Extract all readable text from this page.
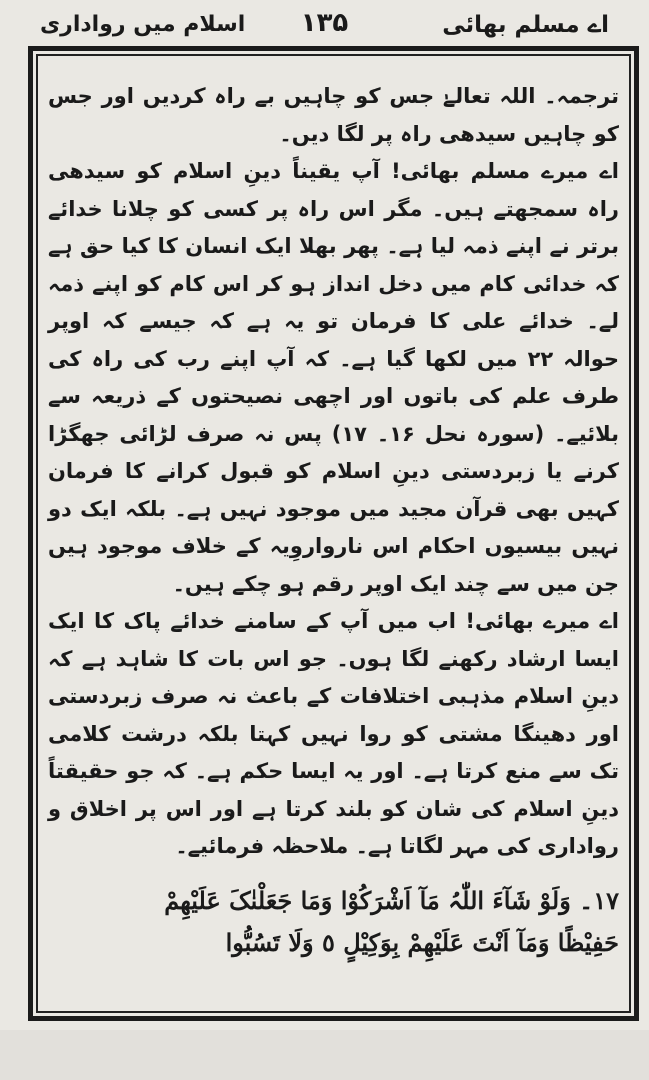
اے مسلم بھائی
۱۳۵
اسلام میں رواداری

ترجمہ۔ اللہ تعالےٰ جس کو چاہیں بے راہ کردیں اور جس کو چاہیں سیدھی راہ پر لگا دیں۔

اے میرے مسلم بھائی! آپ یقیناً دینِ اسلام کو سیدھی راہ سمجھتے ہیں۔ مگر اس راہ پر کسی کو چلانا خدائے برتر نے اپنے ذمہ لیا ہے۔ پھر بھلا ایک انسان کا کیا حق ہے کہ خدائی کام میں دخل انداز ہو کر اس کام کو اپنے ذمہ لے۔ خدائے علی کا فرمان تو یہ ہے کہ جیسے کہ اوپر حوالہ ۲۲ میں لکھا گیا ہے۔ کہ آپ اپنے رب کی راہ کی طرف علم کی باتوں اور اچھی نصیحتوں کے ذریعہ سے بلائیے۔ (سورہ نحل ۱۶۔ ۱۷) پس نہ صرف لڑائی جھگڑا کرنے یا زبردستی دینِ اسلام کو قبول کرانے کا فرمان کہیں بھی قرآن مجید میں موجود نہیں ہے۔ بلکہ ایک دو نہیں بیسیوں احکام اس نارواروِیہ کے خلاف موجود ہیں جن میں سے چند ایک اوپر رقم ہو چکے ہیں۔

اے میرے بھائی! اب میں آپ کے سامنے خدائے پاک کا ایک ایسا ارشاد رکھنے لگا ہوں۔ جو اس بات کا شاہد ہے کہ دینِ اسلام مذہبی اختلافات کے باعث نہ صرف زبردستی اور دھینگا مشتی کو روا نہیں کہتا بلکہ درشت کلامی تک سے منع کرتا ہے۔ اور یہ ایسا حکم ہے۔ کہ جو حقیقتاً دینِ اسلام کی شان کو بلند کرتا ہے اور اس پر اخلاق و رواداری کی مہر لگاتا ہے۔ ملاحظہ فرمائیے۔

۱۷۔ وَلَوْ شَآءَ اللّٰہُ مَآ اَشْرَکُوْا وَمَا جَعَلْنٰکَ عَلَیْھِمْ

حَفِیْظًا وَمَآ اَنْتَ عَلَیْھِمْ بِوَکِیْلٍ ٥ وَلَا تَسُبُّوا
